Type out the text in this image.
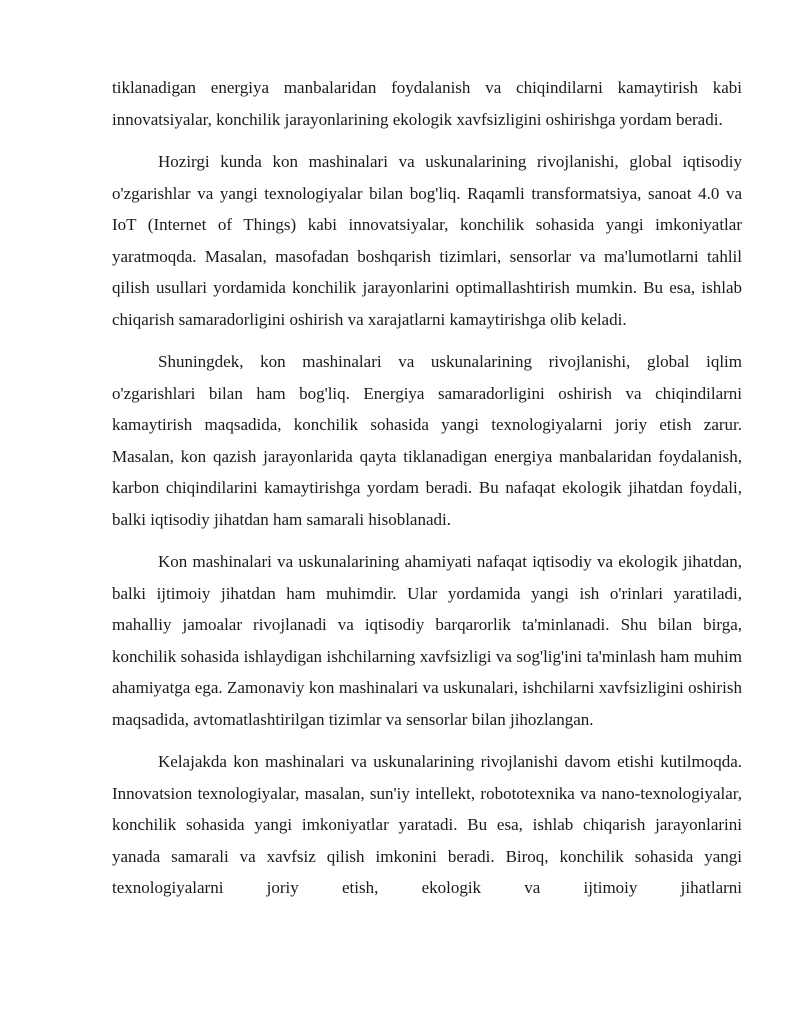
tiklanadigan energiya manbalaridan foydalanish va chiqindilarni kamaytirish kabi innovatsiyalar, konchilik jarayonlarining ekologik xavfsizligini oshirishga yordam beradi.

Hozirgi kunda kon mashinalari va uskunalarining rivojlanishi, global iqtisodiy o'zgarishlar va yangi texnologiyalar bilan bog'liq. Raqamli transformatsiya, sanoat 4.0 va IoT (Internet of Things) kabi innovatsiyalar, konchilik sohasida yangi imkoniyatlar yaratmoqda. Masalan, masofadan boshqarish tizimlari, sensorlar va ma'lumotlarni tahlil qilish usullari yordamida konchilik jarayonlarini optimallashtirish mumkin. Bu esa, ishlab chiqarish samaradorligini oshirish va xarajatlarni kamaytirishga olib keladi.

Shuningdek, kon mashinalari va uskunalarining rivojlanishi, global iqlim o'zgarishlari bilan ham bog'liq. Energiya samaradorligini oshirish va chiqindilarni kamaytirish maqsadida, konchilik sohasida yangi texnologiyalarni joriy etish zarur. Masalan, kon qazish jarayonlarida qayta tiklanadigan energiya manbalaridan foydalanish, karbon chiqindilarini kamaytirishga yordam beradi. Bu nafaqat ekologik jihatdan foydali, balki iqtisodiy jihatdan ham samarali hisoblanadi.

Kon mashinalari va uskunalarining ahamiyati nafaqat iqtisodiy va ekologik jihatdan, balki ijtimoiy jihatdan ham muhimdir. Ular yordamida yangi ish o'rinlari yaratiladi, mahalliy jamoalar rivojlanadi va iqtisodiy barqarorlik ta'minlanadi. Shu bilan birga, konchilik sohasida ishlaydigan ishchilarning xavfsizligi va sog'lig'ini ta'minlash ham muhim ahamiyatga ega. Zamonaviy kon mashinalari va uskunalari, ishchilarni xavfsizligini oshirish maqsadida, avtomatlashtirilgan tizimlar va sensorlar bilan jihozlangan.

Kelajakda kon mashinalari va uskunalarining rivojlanishi davom etishi kutilmoqda. Innovatsion texnologiyalar, masalan, sun'iy intellekt, robototexnika va nano-texnologiyalar, konchilik sohasida yangi imkoniyatlar yaratadi. Bu esa, ishlab chiqarish jarayonlarini yanada samarali va xavfsiz qilish imkonini beradi. Biroq, konchilik sohasida yangi texnologiyalarni joriy etish, ekologik va ijtimoiy jihatlarni
